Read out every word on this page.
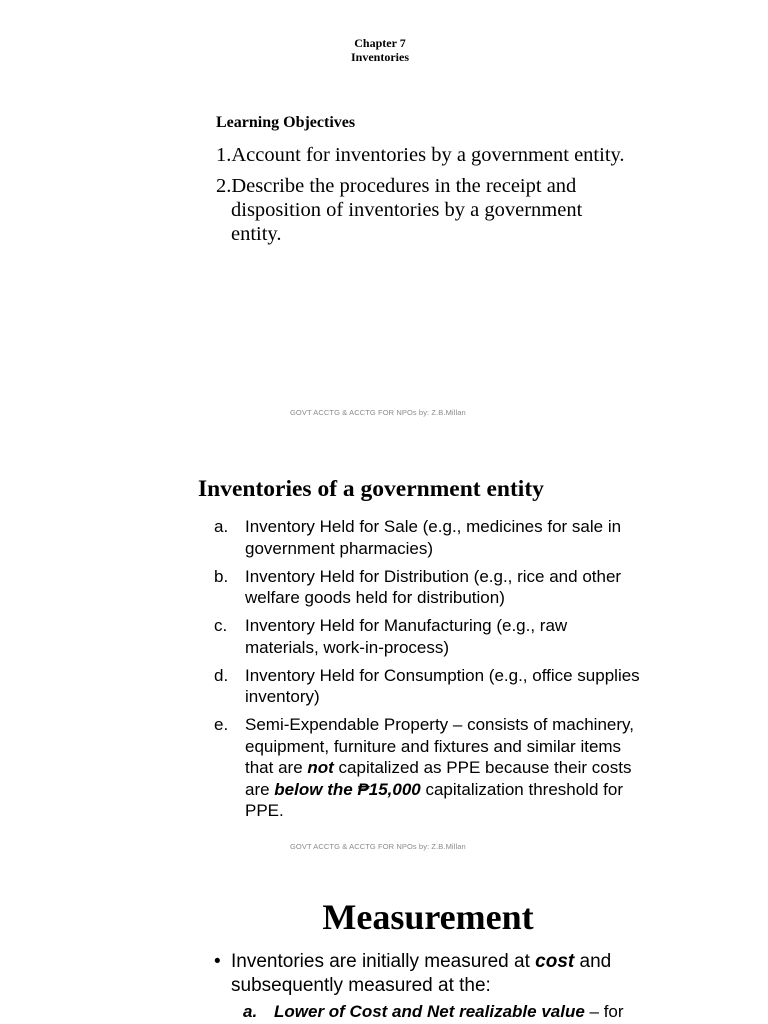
Chapter 7
Inventories
Learning Objectives
1.Account for inventories by a government entity.
2.Describe the procedures in the receipt and disposition of inventories by a government entity.
GOVT ACCTG & ACCTG FOR NPOs by: Z.B.Millan
Inventories of a government entity
a. Inventory Held for Sale (e.g., medicines for sale in government pharmacies)
b. Inventory Held for Distribution (e.g., rice and other welfare goods held for distribution)
c.	Inventory Held for Manufacturing (e.g., raw materials, work-in-process)
d. Inventory Held for Consumption (e.g., office supplies inventory)
e. Semi-Expendable Property – consists of machinery, equipment, furniture and fixtures and similar items that are not capitalized as PPE because their costs are below the ₱15,000 capitalization threshold for PPE.
GOVT ACCTG & ACCTG FOR NPOs by: Z.B.Millan
Measurement
• Inventories are initially measured at cost and subsequently measured at the:
a. Lower of Cost and Net realizable value – for
